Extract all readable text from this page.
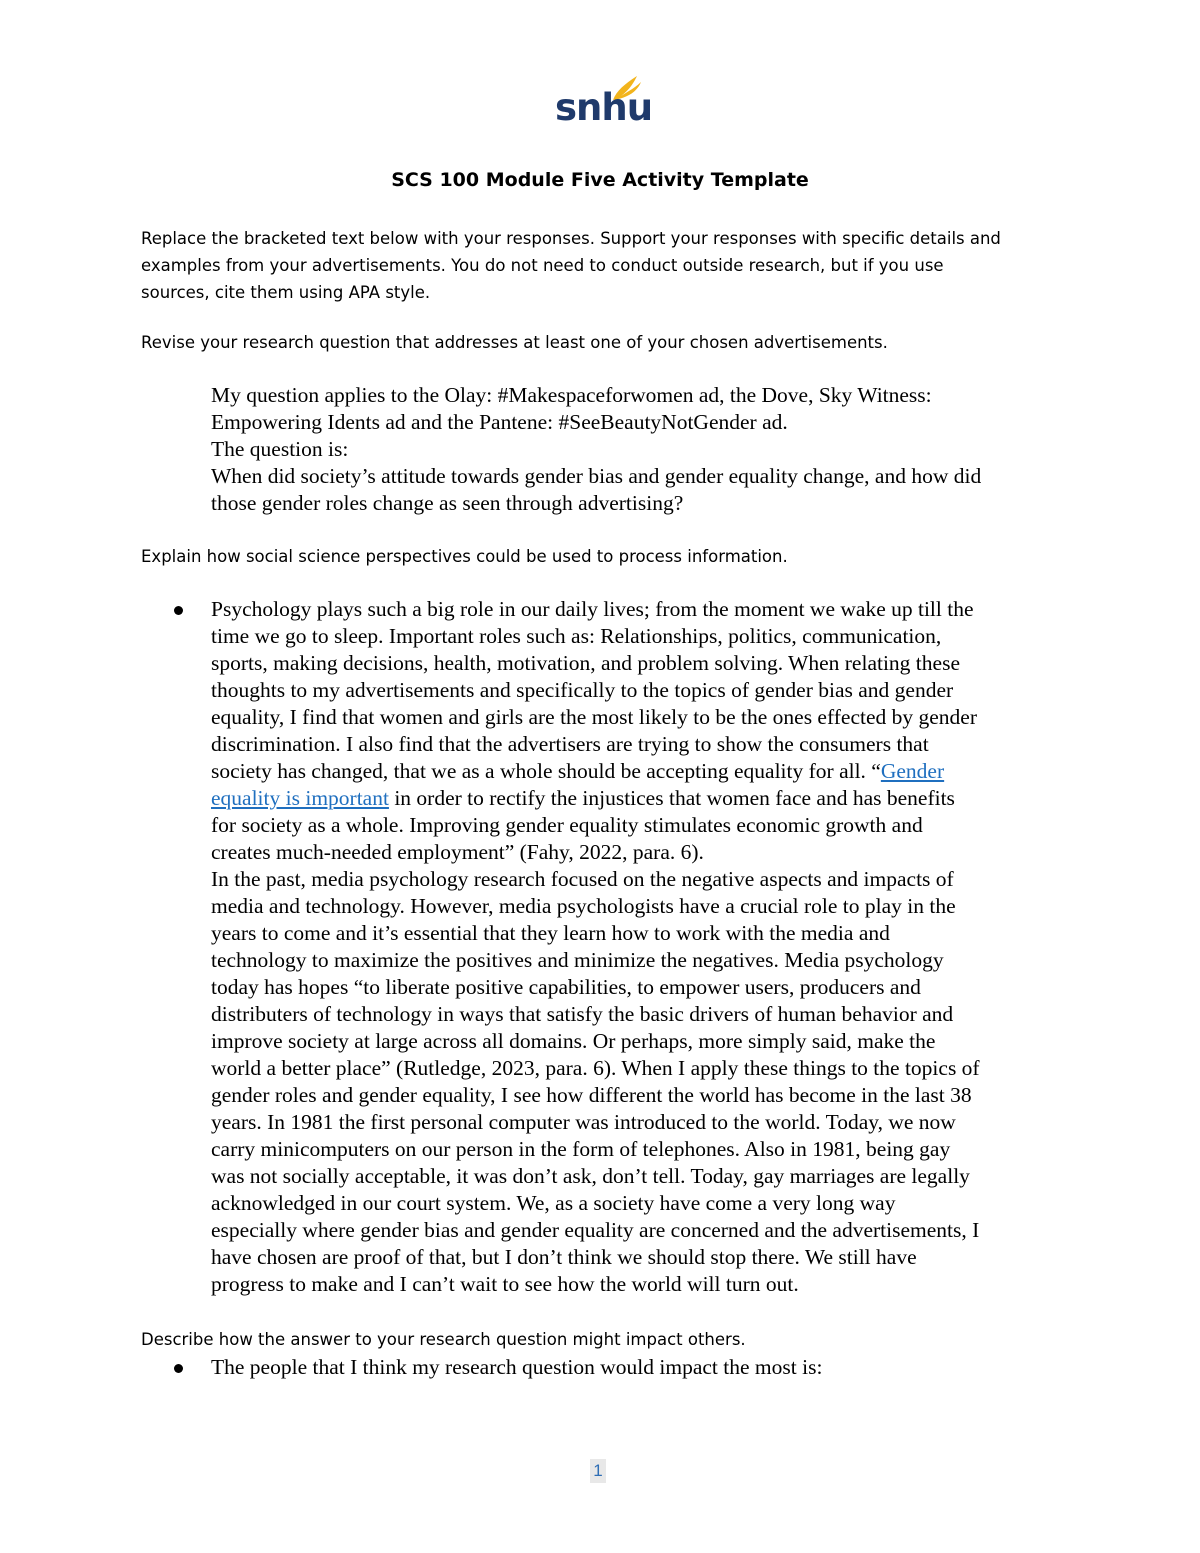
snhu
SCS 100 Module Five Activity Template
Replace the bracketed text below with your responses. Support your responses with specific details and
examples from your advertisements. You do not need to conduct outside research, but if you use
sources, cite them using APA style.
Revise your research question that addresses at least one of your chosen advertisements.

My question applies to the Olay: #Makespaceforwomen ad, the Dove, Sky Witness:

Empowering Idents ad and the Pantene: #SeeBeautyNotGender ad.

The question is:

When did society’s attitude towards gender bias and gender equality change, and how did

those gender roles change as seen through advertising?

Explain how social science perspectives could be used to process information.

Psychology plays such a big role in our daily lives; from the moment we wake up till the

time we go to sleep. Important roles such as: Relationships, politics, communication,

sports, making decisions, health, motivation, and problem solving. When relating these

thoughts to my advertisements and specifically to the topics of gender bias and gender

equality, I find that women and girls are the most likely to be the ones effected by gender

discrimination. I also find that the advertisers are trying to show the consumers that

society has changed, that we as a whole should be accepting equality for all. “Gender

equality is important in order to rectify the injustices that women face and has benefits

for society as a whole. Improving gender equality stimulates economic growth and

creates much-needed employment” (Fahy, 2022, para. 6).

In the past, media psychology research focused on the negative aspects and impacts of

media and technology. However, media psychologists have a crucial role to play in the

years to come and it’s essential that they learn how to work with the media and

technology to maximize the positives and minimize the negatives. Media psychology

today has hopes “to liberate positive capabilities, to empower users, producers and

distributers of technology in ways that satisfy the basic drivers of human behavior and

improve society at large across all domains. Or perhaps, more simply said, make the

world a better place” (Rutledge, 2023, para. 6). When I apply these things to the topics of

gender roles and gender equality, I see how different the world has become in the last 38

years. In 1981 the first personal computer was introduced to the world. Today, we now

carry minicomputers on our person in the form of telephones. Also in 1981, being gay

was not socially acceptable, it was don’t ask, don’t tell. Today, gay marriages are legally

acknowledged in our court system. We, as a society have come a very long way

especially where gender bias and gender equality are concerned and the advertisements, I

have chosen are proof of that, but I don’t think we should stop there. We still have

progress to make and I can’t wait to see how the world will turn out.

Describe how the answer to your research question might impact others.

The people that I think my research question would impact the most is:

1
